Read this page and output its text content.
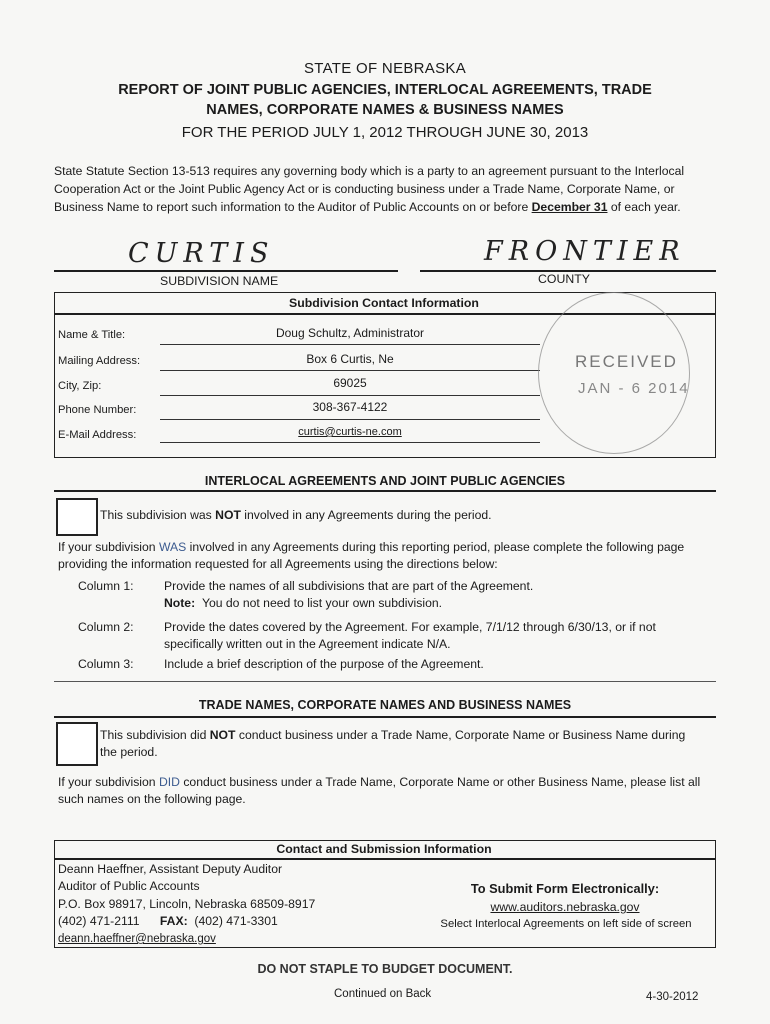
STATE OF NEBRASKA
REPORT OF JOINT PUBLIC AGENCIES, INTERLOCAL AGREEMENTS, TRADE
NAMES, CORPORATE NAMES & BUSINESS NAMES
FOR THE PERIOD JULY 1, 2012 THROUGH JUNE 30, 2013
State Statute Section 13-513 requires any governing body which is a party to an agreement pursuant to the Interlocal Cooperation Act or the Joint Public Agency Act or is conducting business under a Trade Name, Corporate Name, or Business Name to report such information to the Auditor of Public Accounts on or before December 31 of each year.
CURTIS
SUBDIVISION NAME
FRONTIER
COUNTY
Subdivision Contact Information
Name & Title:	Doug Schultz, Administrator
Mailing Address:	Box 6 Curtis, Ne
City, Zip:	69025
Phone Number:	308-367-4122
E-Mail Address:	curtis@curtis-ne.com
RECEIVED
JAN - 6 2014
INTERLOCAL AGREEMENTS AND JOINT PUBLIC AGENCIES
This subdivision was NOT involved in any Agreements during the period.
If your subdivision WAS involved in any Agreements during this reporting period, please complete the following page providing the information requested for all Agreements using the directions below:
Column 1: Provide the names of all subdivisions that are part of the Agreement.
Note: You do not need to list your own subdivision.
Column 2: Provide the dates covered by the Agreement. For example, 7/1/12 through 6/30/13, or if not specifically written out in the Agreement indicate N/A.
Column 3: Include a brief description of the purpose of the Agreement.
TRADE NAMES, CORPORATE NAMES AND BUSINESS NAMES
This subdivision did NOT conduct business under a Trade Name, Corporate Name or Business Name during the period.
If your subdivision DID conduct business under a Trade Name, Corporate Name or other Business Name, please list all such names on the following page.
Contact and Submission Information
Deann Haeffner, Assistant Deputy Auditor
Auditor of Public Accounts
P.O. Box 98917, Lincoln, Nebraska 68509-8917
(402) 471-2111 FAX: (402) 471-3301
deann.haeffner@nebraska.gov
To Submit Form Electronically:
www.auditors.nebraska.gov
Select Interlocal Agreements on left side of screen
DO NOT STAPLE TO BUDGET DOCUMENT.
Continued on Back	4-30-2012
